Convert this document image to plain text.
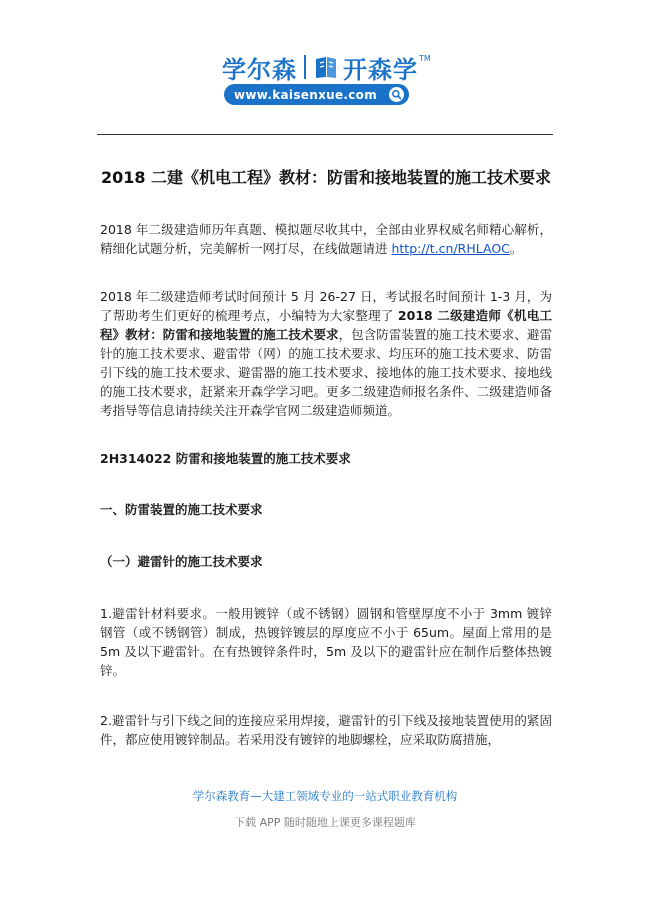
学尔森 开森学 TM
www.kaisenxue.com
2018 二建《机电工程》教材：防雷和接地装置的施工技术要求

2018 年二级建造师历年真题、模拟题尽收其中，全部由业界权威名师精心解析，精细化试题分析，完美解析一网打尽，在线做题请进 http://t.cn/RHLAOC。

2018 年二级建造师考试时间预计 5 月 26-27 日，考试报名时间预计 1-3 月，为了帮助考生们更好的梳理考点，小编特为大家整理了 2018 二级建造师《机电工程》教材：防雷和接地装置的施工技术要求，包含防雷装置的施工技术要求、避雷针的施工技术要求、避雷带（网）的施工技术要求、均压环的施工技术要求、防雷引下线的施工技术要求、避雷器的施工技术要求、接地体的施工技术要求、接地线的施工技术要求，赶紧来开森学学习吧。更多二级建造师报名条件、二级建造师备考指导等信息请持续关注开森学官网二级建造师频道。

2H314022 防雷和接地装置的施工技术要求
一、防雷装置的施工技术要求
（一）避雷针的施工技术要求

1.避雷针材料要求。一般用镀锌（或不锈钢）圆钢和管壁厚度不小于 3mm 镀锌钢管（或不锈钢管）制成，热镀锌镀层的厚度应不小于 65um。屋面上常用的是 5m 及以下避雷针。在有热镀锌条件时，5m 及以下的避雷针应在制作后整体热镀锌。

2.避雷针与引下线之间的连接应采用焊接，避雷针的引下线及接地装置使用的紧固件，都应使用镀锌制品。若采用没有镀锌的地脚螺栓，应采取防腐措施，

学尔森教育—大建工领域专业的一站式职业教育机构
下载 APP 随时随地上课更多课程题库
